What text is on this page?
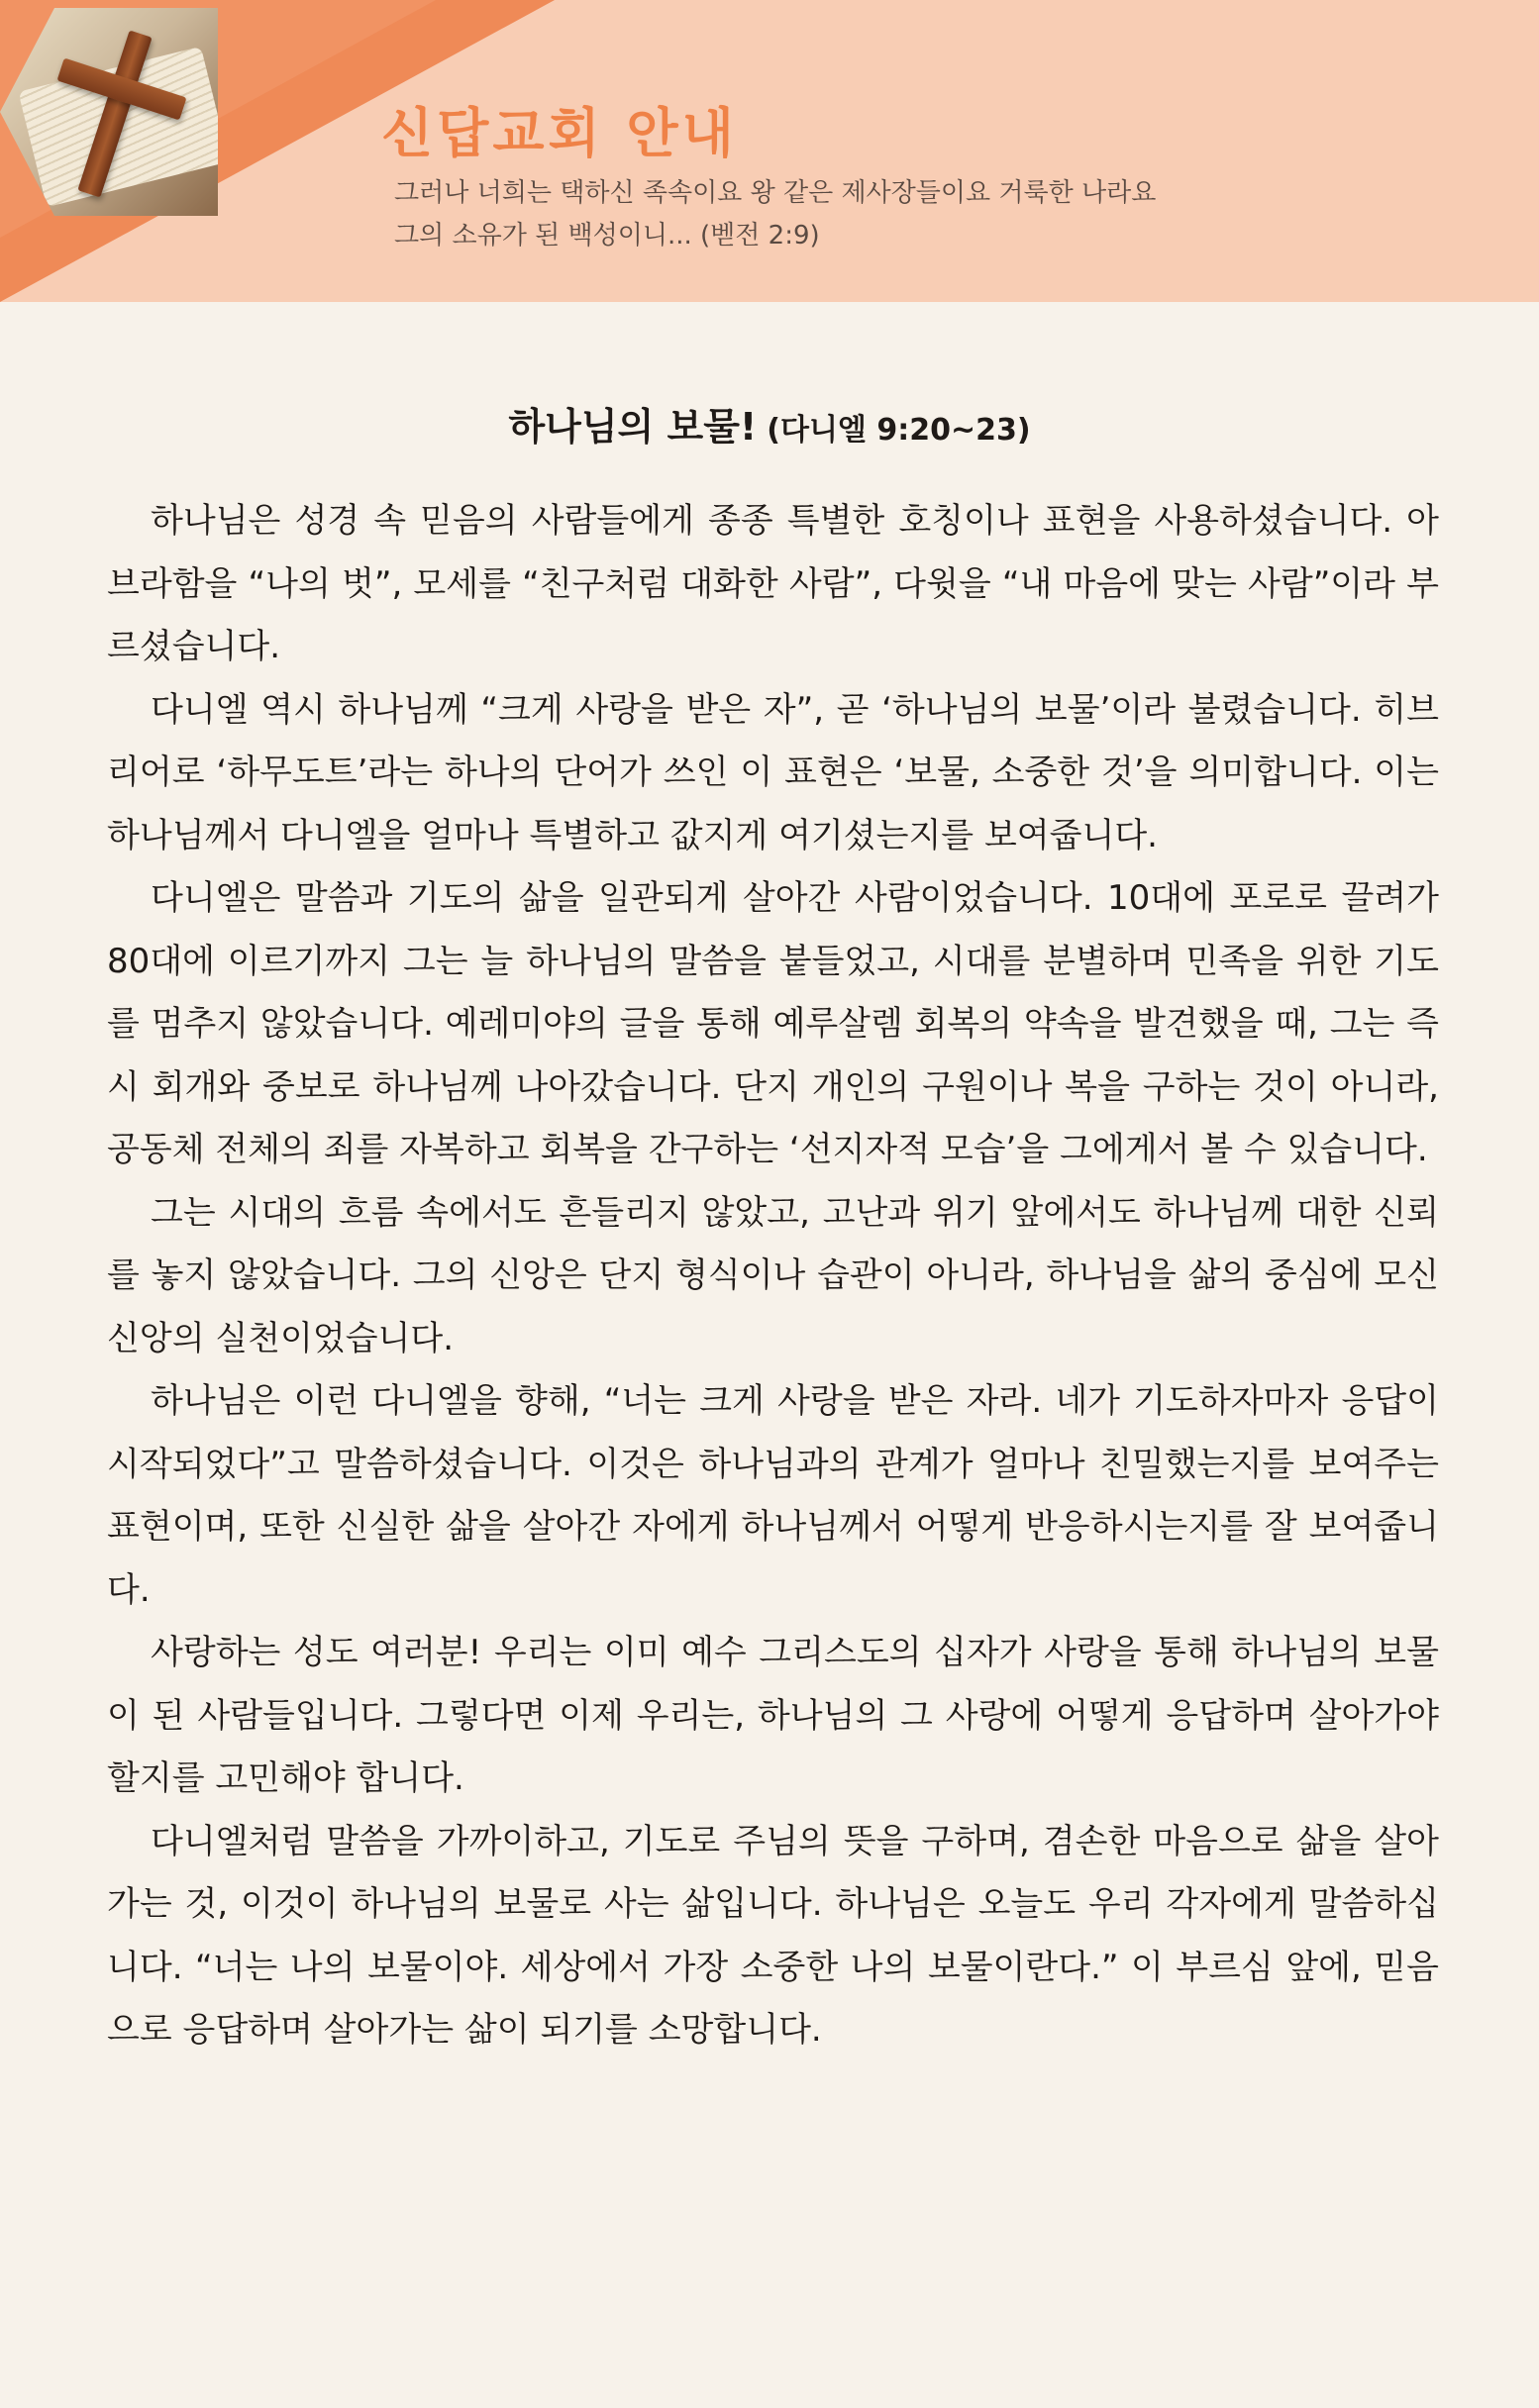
신답교회 안내
그러나 너희는 택하신 족속이요 왕 같은 제사장들이요 거룩한 나라요
그의 소유가 된 백성이니... (벧전 2:9)
하나님의 보물! (다니엘 9:20~23)

하나님은 성경 속 믿음의 사람들에게 종종 특별한 호칭이나 표현을 사용하셨습니다. 아브라함을 “나의 벗”, 모세를 “친구처럼 대화한 사람”, 다윗을 “내 마음에 맞는 사람”이라 부르셨습니다.

다니엘 역시 하나님께 “크게 사랑을 받은 자”, 곧 ‘하나님의 보물’이라 불렸습니다. 히브리어로 ‘하무도트’라는 하나의 단어가 쓰인 이 표현은 ‘보물, 소중한 것’을 의미합니다. 이는 하나님께서 다니엘을 얼마나 특별하고 값지게 여기셨는지를 보여줍니다.

다니엘은 말씀과 기도의 삶을 일관되게 살아간 사람이었습니다. 10대에 포로로 끌려가 80대에 이르기까지 그는 늘 하나님의 말씀을 붙들었고, 시대를 분별하며 민족을 위한 기도를 멈추지 않았습니다. 예레미야의 글을 통해 예루살렘 회복의 약속을 발견했을 때, 그는 즉시 회개와 중보로 하나님께 나아갔습니다. 단지 개인의 구원이나 복을 구하는 것이 아니라, 공동체 전체의 죄를 자복하고 회복을 간구하는 ‘선지자적 모습’을 그에게서 볼 수 있습니다.

그는 시대의 흐름 속에서도 흔들리지 않았고, 고난과 위기 앞에서도 하나님께 대한 신뢰를 놓지 않았습니다. 그의 신앙은 단지 형식이나 습관이 아니라, 하나님을 삶의 중심에 모신 신앙의 실천이었습니다.

하나님은 이런 다니엘을 향해, “너는 크게 사랑을 받은 자라. 네가 기도하자마자 응답이 시작되었다”고 말씀하셨습니다. 이것은 하나님과의 관계가 얼마나 친밀했는지를 보여주는 표현이며, 또한 신실한 삶을 살아간 자에게 하나님께서 어떻게 반응하시는지를 잘 보여줍니다.

사랑하는 성도 여러분! 우리는 이미 예수 그리스도의 십자가 사랑을 통해 하나님의 보물이 된 사람들입니다. 그렇다면 이제 우리는, 하나님의 그 사랑에 어떻게 응답하며 살아가야 할지를 고민해야 합니다.

다니엘처럼 말씀을 가까이하고, 기도로 주님의 뜻을 구하며, 겸손한 마음으로 삶을 살아가는 것, 이것이 하나님의 보물로 사는 삶입니다. 하나님은 오늘도 우리 각자에게 말씀하십니다. “너는 나의 보물이야. 세상에서 가장 소중한 나의 보물이란다.” 이 부르심 앞에, 믿음으로 응답하며 살아가는 삶이 되기를 소망합니다.
